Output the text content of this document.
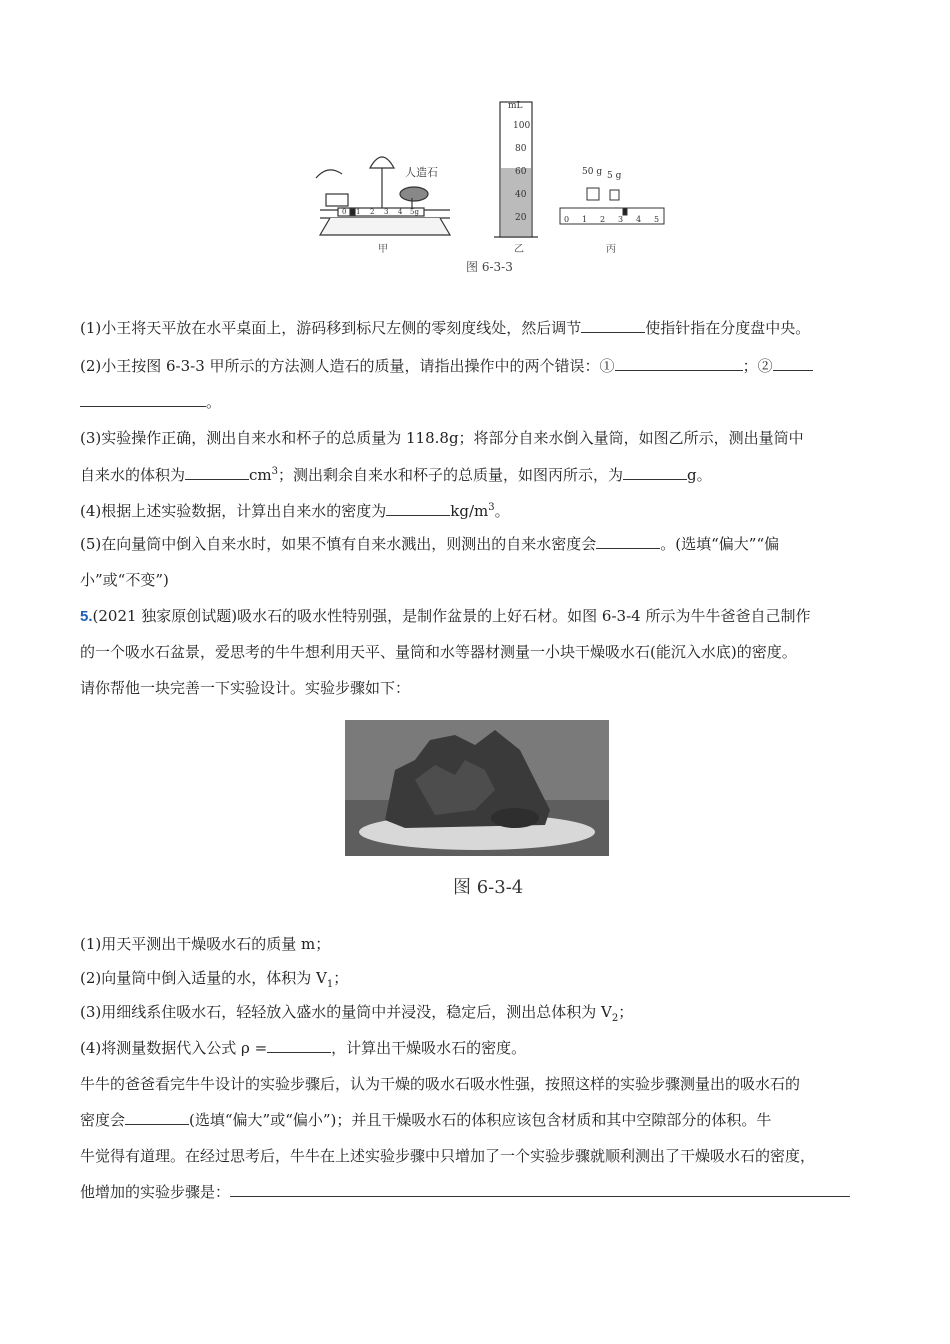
人造石
甲
0 1 2 3 4 5g
mL
100
80
60
40
20
乙
50 g 5 g
0 1 2 3 4 5
丙
图 6-3-3
(1)小王将天平放在水平桌面上，游码移到标尺左侧的零刻度线处，然后调节	使指针指在分度盘中央。
(2)小王按图 6-3-3 甲所示的方法测人造石的质量，请指出操作中的两个错误：①	；②
。
(3)实验操作正确，测出自来水和杯子的总质量为 118.8g；将部分自来水倒入量筒，如图乙所示，测出量筒中
自来水的体积为	$cm^3$；测出剩余自来水和杯子的总质量，如图丙所示，为	g。
(4)根据上述实验数据，计算出自来水的密度为	$kg/m^3$。
(5)在向量筒中倒入自来水时，如果不慎有自来水溅出，则测出的自来水密度会	。(选填“偏大”“偏
小”或“不变”)
5.(2021 独家原创试题)吸水石的吸水性特别强，是制作盆景的上好石材。如图 6-3-4 所示为牛牛爸爸自己制作
的一个吸水石盆景，爱思考的牛牛想利用天平、量筒和水等器材测量一小块干燥吸水石(能沉入水底)的密度。
请你帮他一块完善一下实验设计。实验步骤如下：
图 6-3-4
(1)用天平测出干燥吸水石的质量 m；
(2)向量筒中倒入适量的水，体积为 $V_1$；
(3)用细线系住吸水石，轻轻放入盛水的量筒中并浸没，稳定后，测出总体积为 $V_2$；
(4)将测量数据代入公式 ρ =	，计算出干燥吸水石的密度。
牛牛的爸爸看完牛牛设计的实验步骤后，认为干燥的吸水石吸水性强，按照这样的实验步骤测量出的吸水石的
密度会	(选填“偏大”或“偏小”)；并且干燥吸水石的体积应该包含材质和其中空隙部分的体积。牛
牛觉得有道理。在经过思考后，牛牛在上述实验步骤中只增加了一个实验步骤就顺利测出了干燥吸水石的密度，
他增加的实验步骤是：
